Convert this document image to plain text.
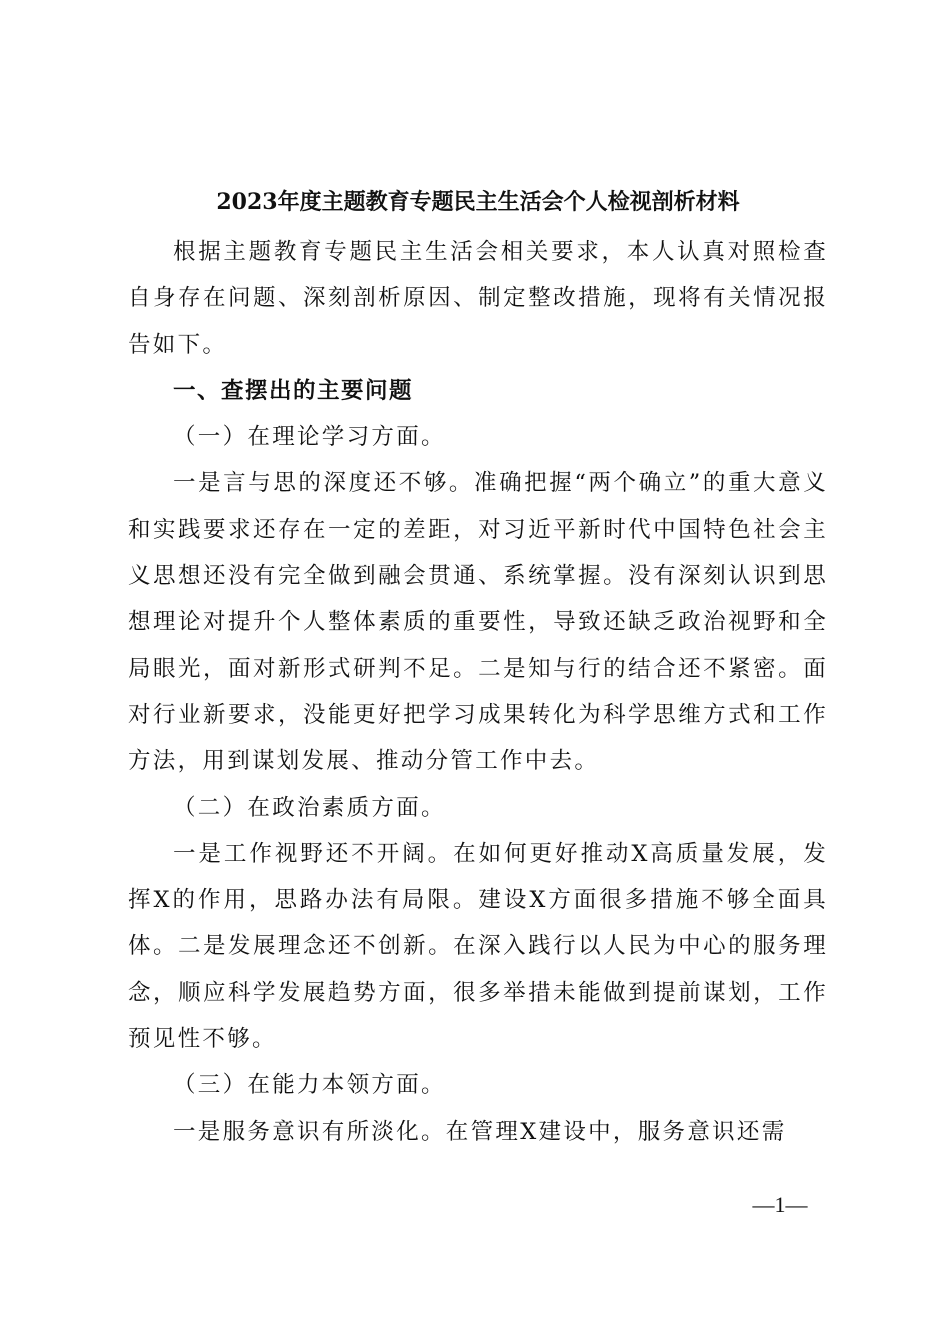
2023年度主题教育专题民主生活会个人检视剖析材料

根据主题教育专题民主生活会相关要求，本人认真对照检查自身存在问题、深刻剖析原因、制定整改措施，现将有关情况报告如下。

一、查摆出的主要问题

（一）在理论学习方面。

一是言与思的深度还不够。准确把握“两个确立”的重大意义和实践要求还存在一定的差距，对习近平新时代中国特色社会主义思想还没有完全做到融会贯通、系统掌握。没有深刻认识到思想理论对提升个人整体素质的重要性，导致还缺乏政治视野和全局眼光，面对新形式研判不足。二是知与行的结合还不紧密。面对行业新要求，没能更好把学习成果转化为科学思维方式和工作方法，用到谋划发展、推动分管工作中去。

（二）在政治素质方面。

一是工作视野还不开阔。在如何更好推动X高质量发展，发挥X的作用，思路办法有局限。建设X方面很多措施不够全面具体。二是发展理念还不创新。在深入践行以人民为中心的服务理念，顺应科学发展趋势方面，很多举措未能做到提前谋划，工作预见性不够。

（三）在能力本领方面。

一是服务意识有所淡化。在管理X建设中，服务意识还需

—1—
